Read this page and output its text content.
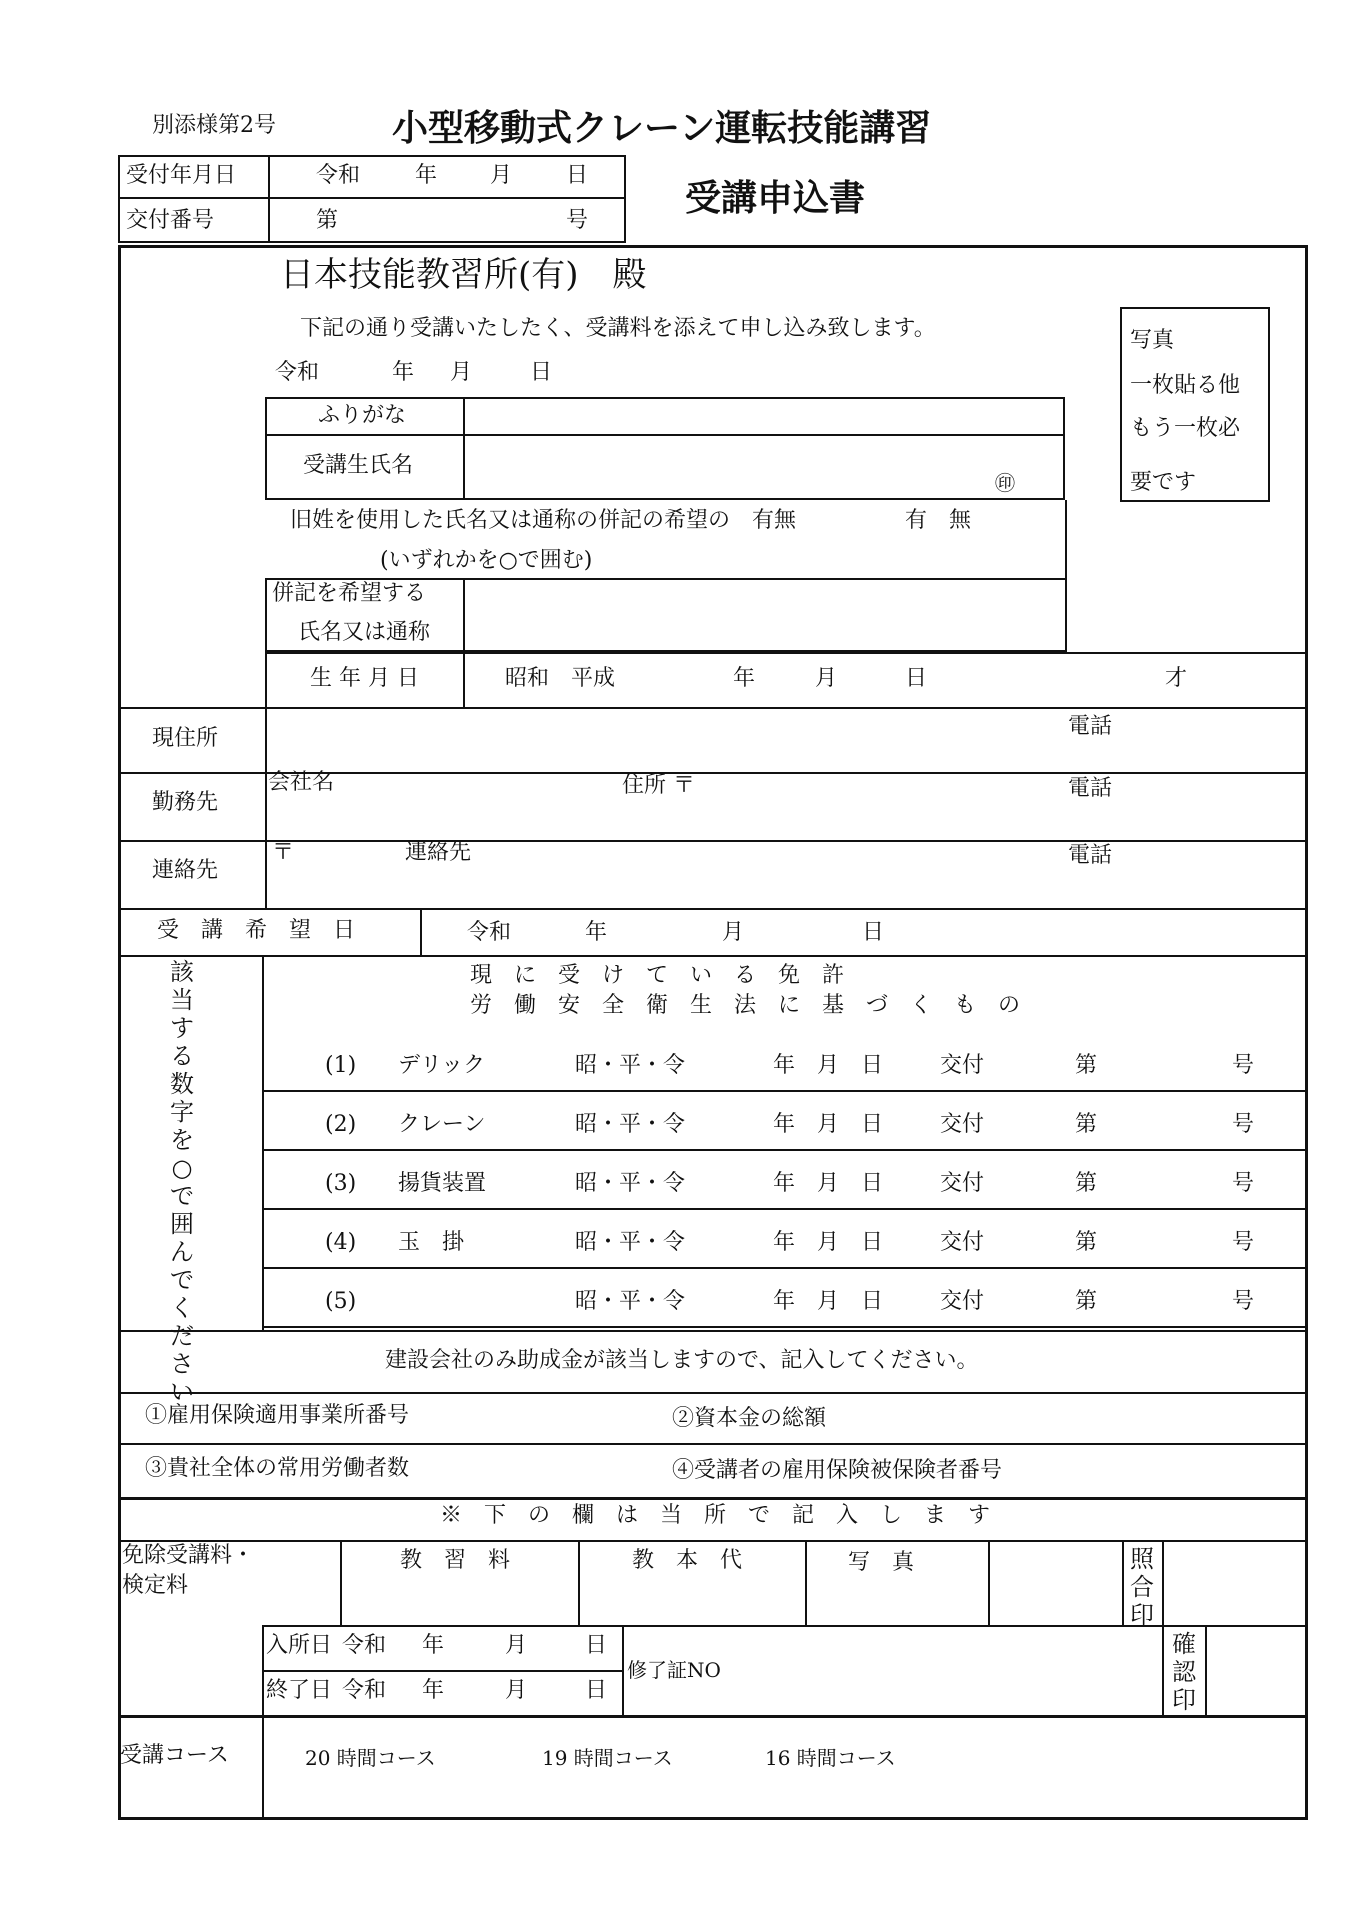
別添様第2号	小型移動式クレーン運転技能講習
受講申込書
受付年月日	令和 年 月 日
交付番号	第	号
日本技能教習所(有)　殿
下記の通り受講いたしたく、受講料を添えて申し込み致します。
令和	年 月	日
写真
一枚貼る他
もう一枚必
要です
ふりがな
受講生氏名
㊞
旧姓を使用した氏名又は通称の併記の希望の　有無	有　無
(いずれかを○で囲む)
併記を希望する
氏名又は通称
生 年 月 日	昭和　平成	年	月	日	才
現住所	電話
勤務先
会社名	住所 〒	電話
連絡先
〒	連絡先	電話
受　講　希　望　日	令和	年	月	日
該当する数字を○で囲んでください
現　に　受　け　て　い　る　免　許
労　働　安　全　衛　生　法　に　基　づ　く　も　の
(1) デリック	昭・平・令	年　月　日	交付	第	号
(2) クレーン	昭・平・令	年　月　日	交付	第	号
(3) 揚貨装置	昭・平・令	年　月　日	交付	第	号
(4) 玉　掛	昭・平・令	年　月　日	交付	第	号
(5)	昭・平・令	年　月　日	交付	第	号
建設会社のみ助成金が該当しますので、記入してください。
①雇用保険適用事業所番号	②資本金の総額
③貴社全体の常用労働者数	④受講者の雇用保険被保険者番号
※　下　の　欄　は　当　所　で　記　入　し　ま　す
免除受講料・
検定料
教　習　料	教　本　代	写　真	照合印
入所日 令和 年	月	日
終了日 令和 年	月	日
修了証NO
確認印
受講コース	20 時間コース	19 時間コース	16 時間コース
